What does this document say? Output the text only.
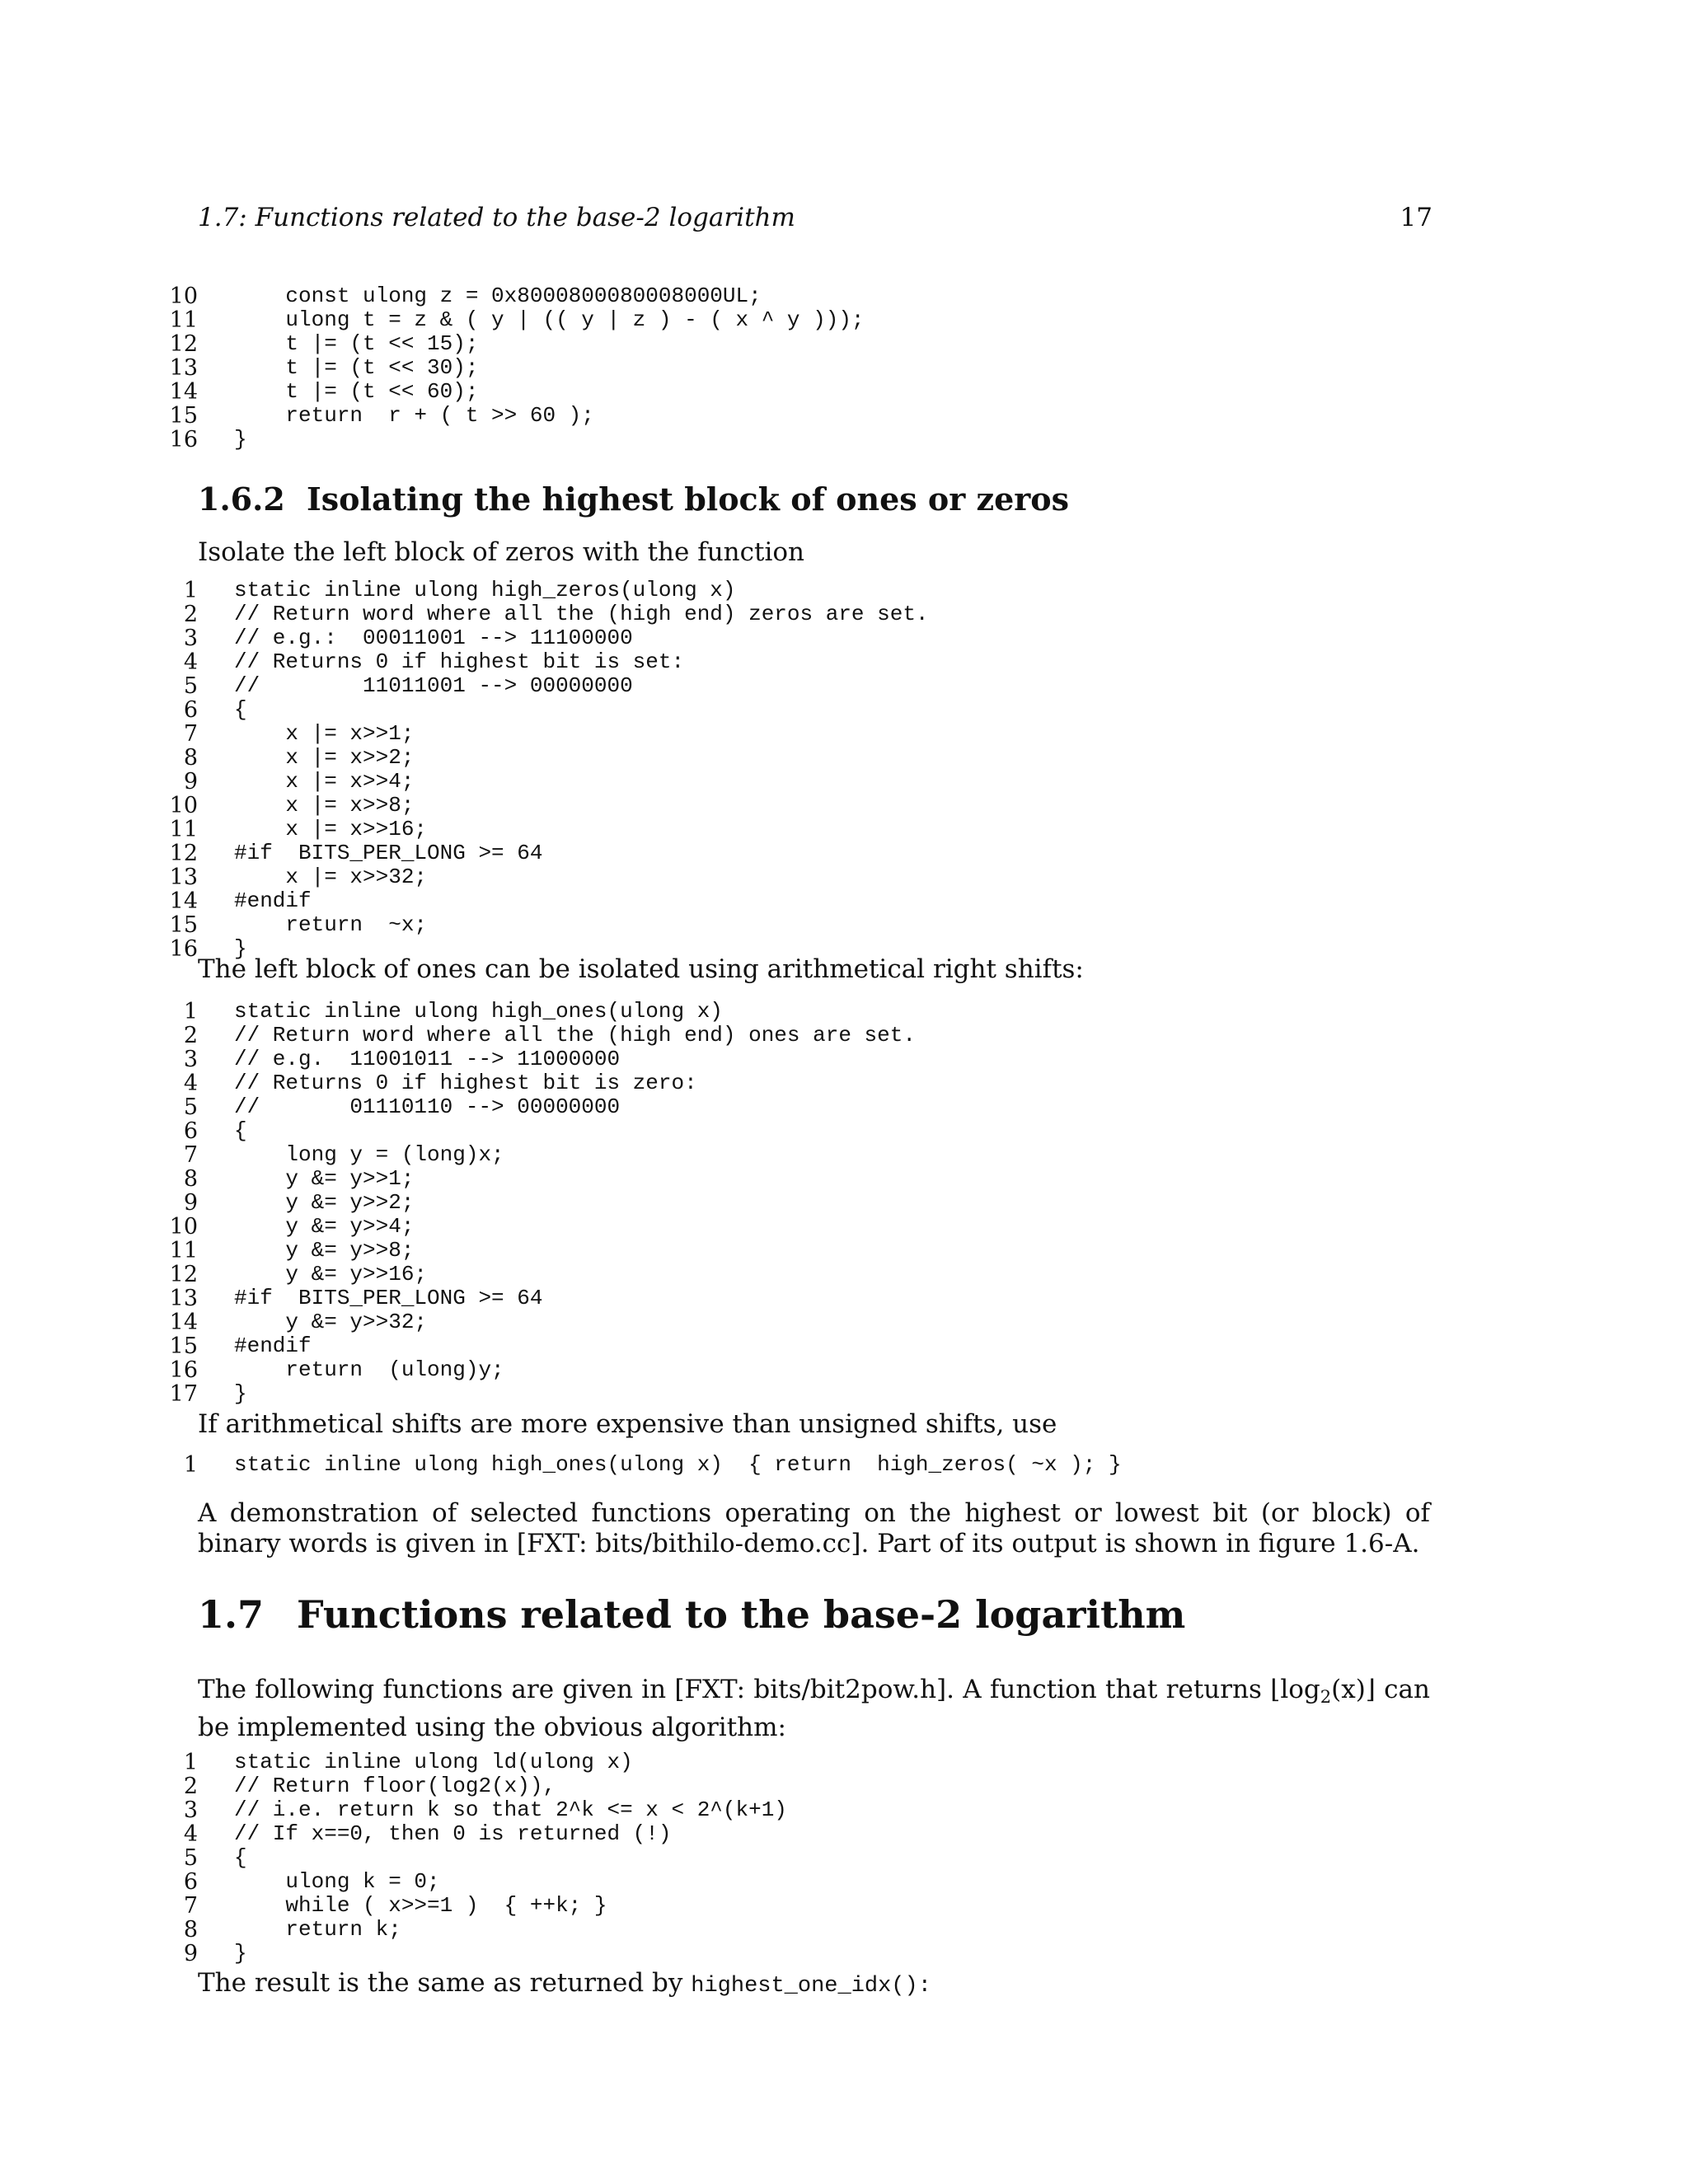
1.7: Functions related to the base-2 logarithm	17
10 const ulong z = 0x8000800080008000UL;
11 ulong t = z & ( y | (( y | z ) - ( x ^ y )));
12 t |= (t << 15);
13 t |= (t << 30);
14 t |= (t << 60);
15 return  r + ( t >> 60 );
16 }
1.6.2 Isolating the highest block of ones or zeros
Isolate the left block of zeros with the function
1 static inline ulong high_zeros(ulong x)
2 // Return word where all the (high end) zeros are set.
3 // e.g.:  00011001 --> 11100000
4 // Returns 0 if highest bit is set:
5 //        11011001 --> 00000000
6 {
7 x |= x>>1;
8 x |= x>>2;
9 x |= x>>4;
10 x |= x>>8;
11 x |= x>>16;
12 #if  BITS_PER_LONG >= 64
13 x |= x>>32;
14 #endif
15 return  ~x;
16 }
The left block of ones can be isolated using arithmetical right shifts:
1 static inline ulong high_ones(ulong x)
2 // Return word where all the (high end) ones are set.
3 // e.g.  11001011 --> 11000000
4 // Returns 0 if highest bit is zero:
5 //       01110110 --> 00000000
6 {
7 long y = (long)x;
8 y &= y>>1;
9 y &= y>>2;
10 y &= y>>4;
11 y &= y>>8;
12 y &= y>>16;
13 #if  BITS_PER_LONG >= 64
14 y &= y>>32;
15 #endif
16 return  (ulong)y;
17 }
If arithmetical shifts are more expensive than unsigned shifts, use
1 static inline ulong high_ones(ulong x)  { return  high_zeros( ~x ); }
A demonstration of selected functions operating on the highest or lowest bit (or block) of binary words is given in [FXT: bits/bithilo-demo.cc]. Part of its output is shown in figure 1.6-A.
1.7 Functions related to the base-2 logarithm
The following functions are given in [FXT: bits/bit2pow.h]. A function that returns $⌊\log_2(x)⌋$ can be implemented using the obvious algorithm:
1 static inline ulong ld(ulong x)
2 // Return floor(log2(x)),
3 // i.e. return k so that 2^k <= x < 2^(k+1)
4 // If x==0, then 0 is returned (!)
5 {
6 ulong k = 0;
7 while ( x>>=1 )  { ++k; }
8 return k;
9 }
The result is the same as returned by highest_one_idx():
